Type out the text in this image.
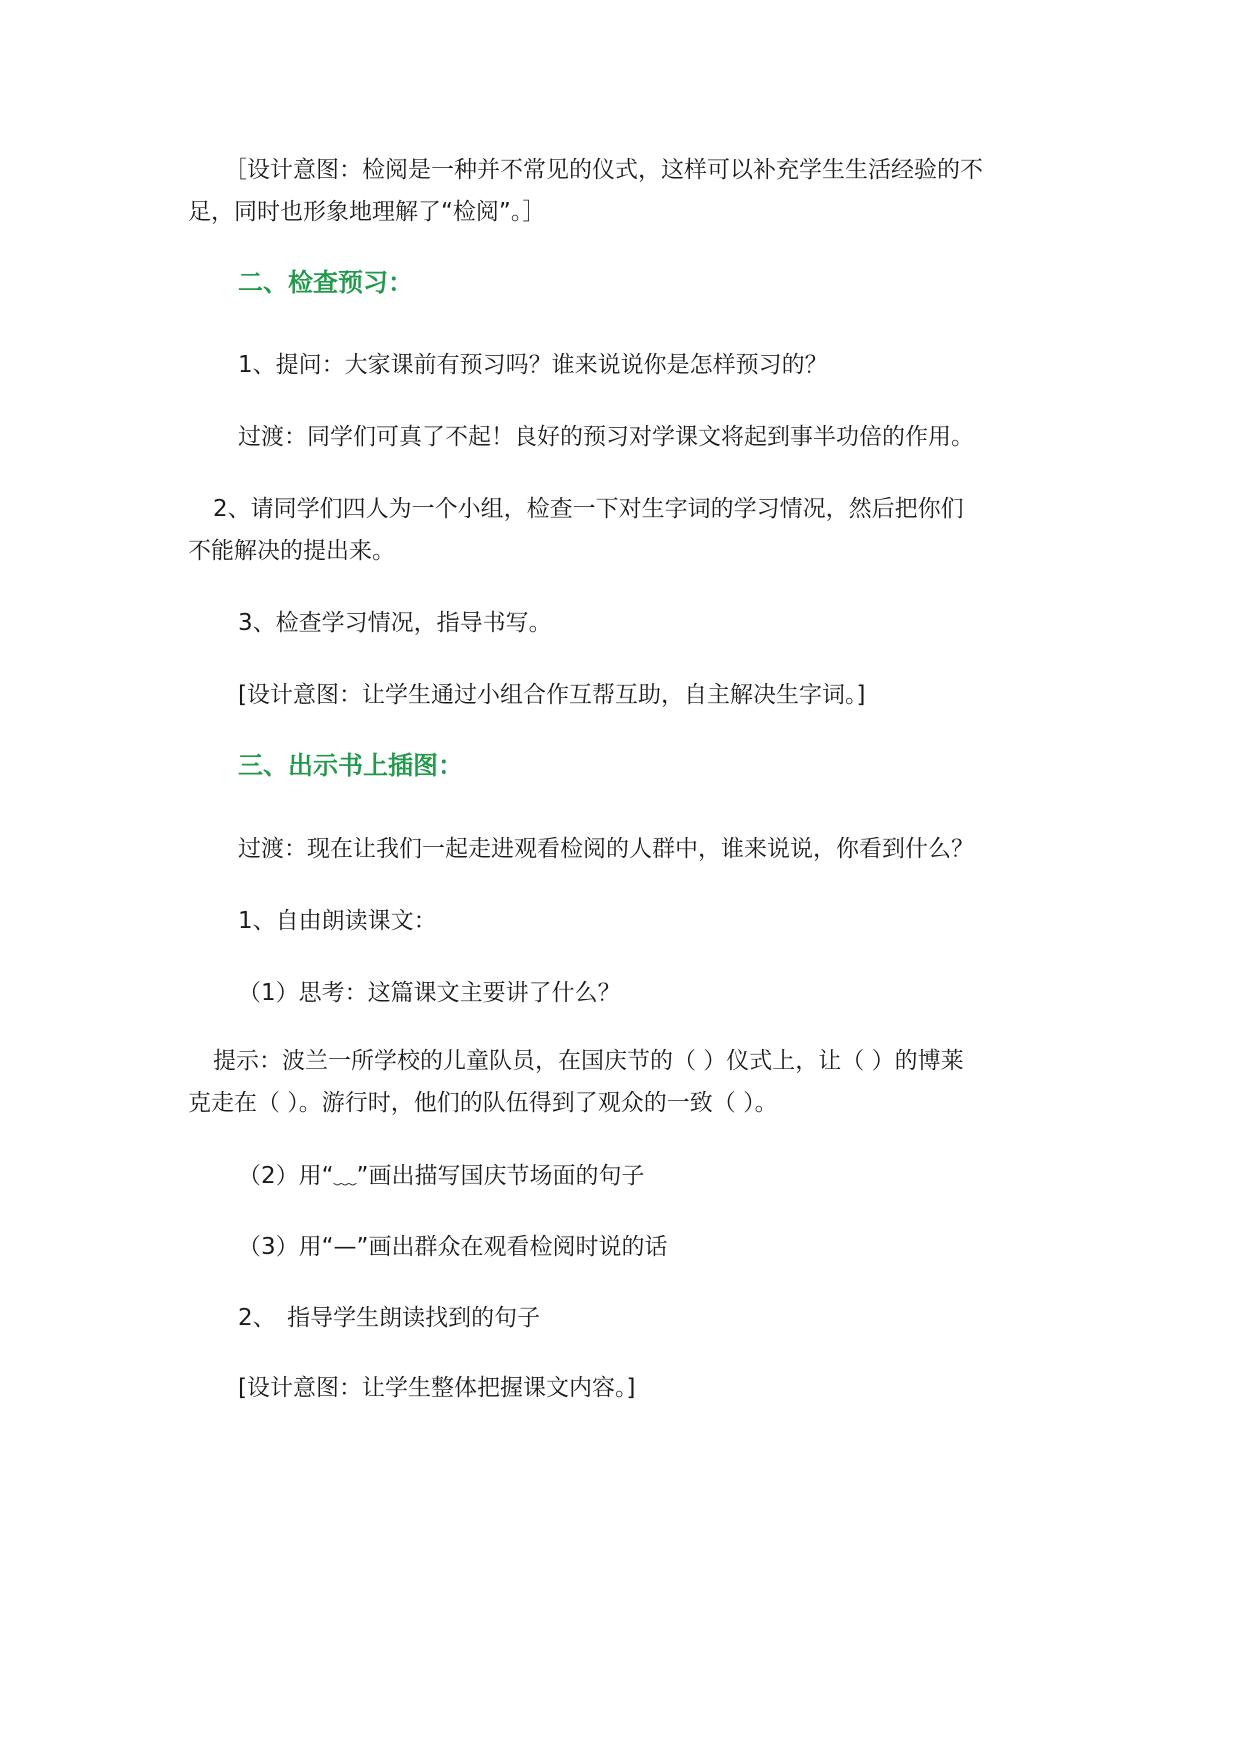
［设计意图：检阅是一种并不常见的仪式，这样可以补充学生生活经验的不
足，同时也形象地理解了“检阅”。］
二、检查预习：
1、提问：大家课前有预习吗？谁来说说你是怎样预习的？
过渡：同学们可真了不起！良好的预习对学课文将起到事半功倍的作用。
2、请同学们四人为一个小组，检查一下对生字词的学习情况，然后把你们
不能解决的提出来。
3、检查学习情况，指导书写。
[设计意图：让学生通过小组合作互帮互助，自主解决生字词。]
三、出示书上插图：
过渡：现在让我们一起走进观看检阅的人群中，谁来说说，你看到什么？
1、自由朗读课文：
（1）思考：这篇课文主要讲了什么？
提示：波兰一所学校的儿童队员，在国庆节的（ ）仪式上，让（ ）的博莱
克走在（ ）。游行时，他们的队伍得到了观众的一致（ ）。
（2）用“﹏”画出描写国庆节场面的句子
（3）用“—”画出群众在观看检阅时说的话
2、　指导学生朗读找到的句子
[设计意图：让学生整体把握课文内容。]
